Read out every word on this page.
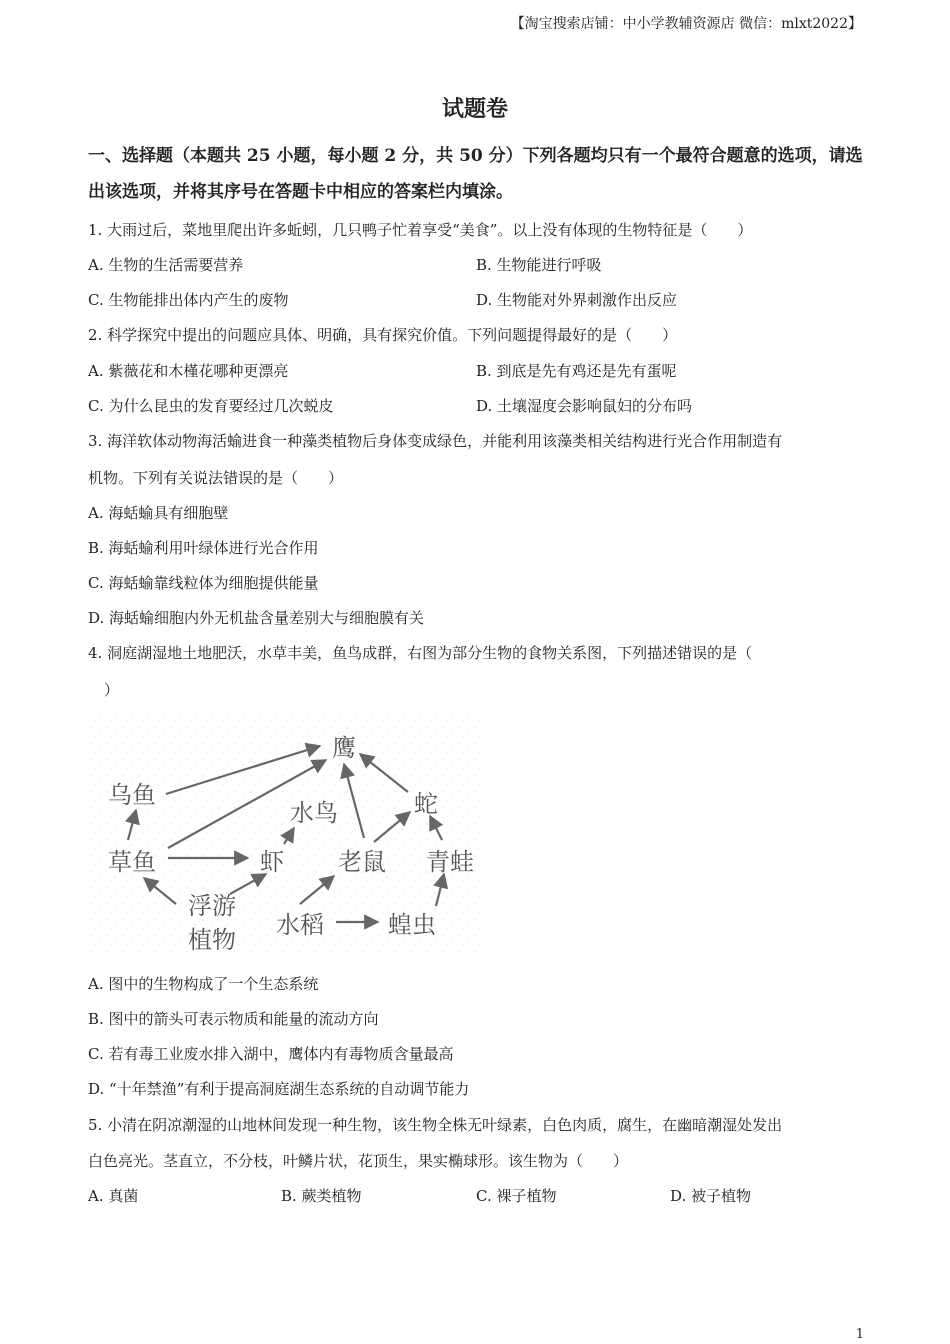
【淘宝搜索店铺：中小学教辅资源店 微信：mlxt2022】
试题卷
一、选择题（本题共 25 小题，每小题 2 分，共 50 分）下列各题均只有一个最符合题意的选项，请选出该选项，并将其序号在答题卡中相应的答案栏内填涂。
1. 大雨过后，菜地里爬出许多蚯蚓，几只鸭子忙着享受“美食”。以上没有体现的生物特征是（　　）
A. 生物的生活需要营养	B. 生物能进行呼吸
C. 生物能排出体内产生的废物	D. 生物能对外界刺激作出反应
2. 科学探究中提出的问题应具体、明确，具有探究价值。下列问题提得最好的是（　　）
A. 紫薇花和木槿花哪种更漂亮	B. 到底是先有鸡还是先有蛋呢
C. 为什么昆虫的发育要经过几次蜕皮	D. 土壤湿度会影响鼠妇的分布吗
3. 海洋软体动物海活蝓进食一种藻类植物后身体变成绿色，并能利用该藻类相关结构进行光合作用制造有
机物。下列有关说法错误的是（　　）
A. 海蛞蝓具有细胞壁
B. 海蛞蝓利用叶绿体进行光合作用
C. 海蛞蝓靠线粒体为细胞提供能量
D. 海蛞蝓细胞内外无机盐含量差别大与细胞膜有关
4. 洞庭湖湿地土地肥沃，水草丰美，鱼鸟成群，右图为部分生物的食物关系图，下列描述错误的是（
）
鹰
乌鱼
水鸟	蛇
草鱼	虾 老鼠 青蛙
浮游
植物
水稻	蝗虫
A. 图中的生物构成了一个生态系统
B. 图中的箭头可表示物质和能量的流动方向
C. 若有毒工业废水排入湖中，鹰体内有毒物质含量最高
D. “十年禁渔”有利于提高洞庭湖生态系统的自动调节能力
5. 小清在阴凉潮湿的山地林间发现一种生物，该生物全株无叶绿素，白色肉质，腐生，在幽暗潮湿处发出
白色亮光。茎直立，不分枝，叶鳞片状，花顶生，果实椭球形。该生物为（　　）
A. 真菌	B. 蕨类植物	C. 裸子植物	D. 被子植物
1
